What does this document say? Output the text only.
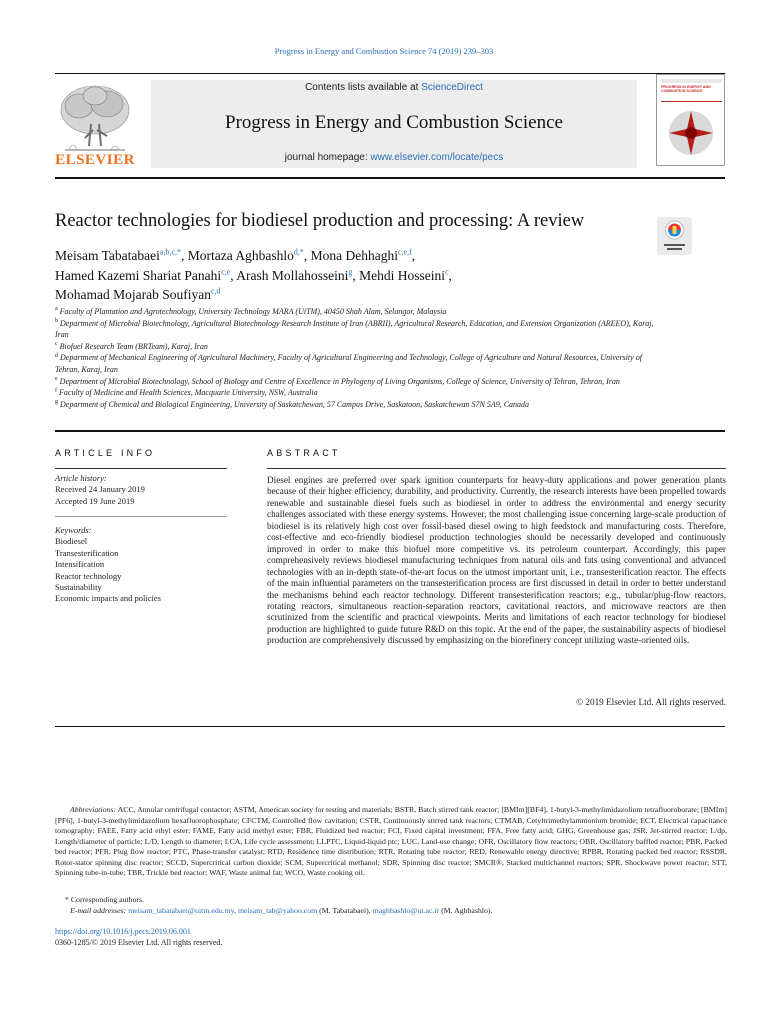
Progress in Energy and Combustion Science 74 (2019) 239–303
ELSEVIER
Contents lists available at ScienceDirect
Progress in Energy and Combustion Science
journal homepage: www.elsevier.com/locate/pecs
PROGRESS IN ENERGY AND COMBUSTION SCIENCE
Reactor technologies for biodiesel production and processing: A review
Meisam Tabatabaei$^{a,b,c,*}$, Mortaza Aghbashlo$^{d,*}$, Mona Dehhaghi$^{c,e,f}$,
Hamed Kazemi Shariat Panahi$^{c,e}$, Arash Mollahosseini$^g$, Mehdi Hosseini$^c$,
Mohamad Mojarab Soufiyan$^{c,d}$
$^a$ Faculty of Plantation and Agrotechnology, University Technology MARA (UiTM), 40450 Shah Alam, Selangor, Malaysia
$^b$ Department of Microbial Biotechnology, Agricultural Biotechnology Research Institute of Iran (ABRII), Agricultural Research, Education, and Extension Organization (AREEO), Karaj, Iran
$^c$ Biofuel Research Team (BRTeam), Karaj, Iran
$^d$ Department of Mechanical Engineering of Agricultural Machinery, Faculty of Agricultural Engineering and Technology, College of Agriculture and Natural Resources, University of Tehran, Karaj, Iran
$^e$ Department of Microbial Biotechnology, School of Biology and Centre of Excellence in Phylogeny of Living Organisms, College of Science, University of Tehran, Tehran, Iran
$^f$ Faculty of Medicine and Health Sciences, Macquarie University, NSW, Australia
$^g$ Department of Chemical and Biological Engineering, University of Saskatchewan, 57 Campus Drive, Saskatoon, Saskatchewan S7N 5A9, Canada
ARTICLE INFO
Article history:
Received 24 January 2019
Accepted 19 June 2019
Keywords:
Biodiesel
Transesterification
Intensification
Reactor technology
Sustainability
Economic impacts and policies
ABSTRACT
Diesel engines are preferred over spark ignition counterparts for heavy-duty applications and power generation plants because of their higher efficiency, durability, and productivity. Currently, the research interests have been propelled towards renewable and sustainable diesel fuels such as biodiesel in order to address the environmental and energy security challenges associated with these energy systems. However, the most challenging issue concerning large-scale production of biodiesel is its relatively high cost over fossil-based diesel owing to high feedstock and manufacturing costs. Therefore, cost-effective and eco-friendly biodiesel production technologies should be necessarily developed and continuously improved in order to make this biofuel more competitive vs. its petroleum counterpart. Accordingly, this paper comprehensively reviews biodiesel manufacturing techniques from natural oils and fats using conventional and advanced technologies with an in-depth state-of-the-art focus on the utmost important unit, i.e., transesterification reactor. The effects of the main influential parameters on the transesterification process are first discussed in detail in order to better understand the mechanisms behind each reactor technology. Different transesterification reactors; e.g., tubular/plug-flow reactors, rotating reactors, simultaneous reaction-separation reactors, cavitational reactors, and microwave reactors are then scrutinized from the scientific and practical viewpoints. Merits and limitations of each reactor technology for biodiesel production are highlighted to guide future R&D on this topic. At the end of the paper, the sustainability aspects of biodiesel production are comprehensively discussed by emphasizing on the biorefinery concept utilizing waste-oriented oils.
© 2019 Elsevier Ltd. All rights reserved.
Abbreviations: ACC, Annular centrifugal contactor; ASTM, American society for testing and materials; BSTR, Batch stirred tank reactor; [BMIm][BF4], 1-butyl-3-methylimidazolium tetrafluoroborate; [BMIm][PF6], 1-butyl-3-methylimidazolium hexafluorophosphate; CFCTM, Controlled flow cavitation; CSTR, Continuously stirred tank reactors; CTMAB, Cetyltrimethylammonium bromide; ECT, Electrical capacitance tomography; FAEE, Fatty acid ethyl ester; FAME, Fatty acid methyl ester; FBR, Fluidized bed reactor; FCI, Fixed capital investment; FFA, Free fatty acid; GHG, Greenhouse gas; JSR, Jet-stirred reactor; L/dp, Length/diameter of particle; L/D, Length to diameter; LCA, Life cycle assessment; LLPTC, Liquid-liquid ptc; LUC, Land-use change; OFR, Oscillatory flow reactors; OBR, Oscillatory baffled reactor; PBR, Packed bed reactor; PFR, Plug flow reactor; PTC, Phase-transfer catalyst; RTD, Residence time distribution; RTR, Rotating tube reactor; RED, Renewable energy directive; RPBR, Rotating packed bed reactor; RSSDR, Rotor-stator spinning disc reactor; SCCD, Supercritical carbon dioxide; SCM, Supercritical methanol; SDR, Spinning disc reactor; SMCR®, Stacked multichannel reactors; SPR, Shockwave power reactor; STT, Spinning tube-in-tube; TBR, Trickle bed reactor; WAF, Waste animal fat; WCO, Waste cooking oil.
* Corresponding authors.
E-mail addresses: meisam_tabatabaei@uitm.edu.my, meisam_tab@yahoo.com (M. Tabatabaei), maghbashlo@ut.ac.ir (M. Aghbashlo).
https://doi.org/10.1016/j.pecs.2019.06.001
0360-1285/© 2019 Elsevier Ltd. All rights reserved.
